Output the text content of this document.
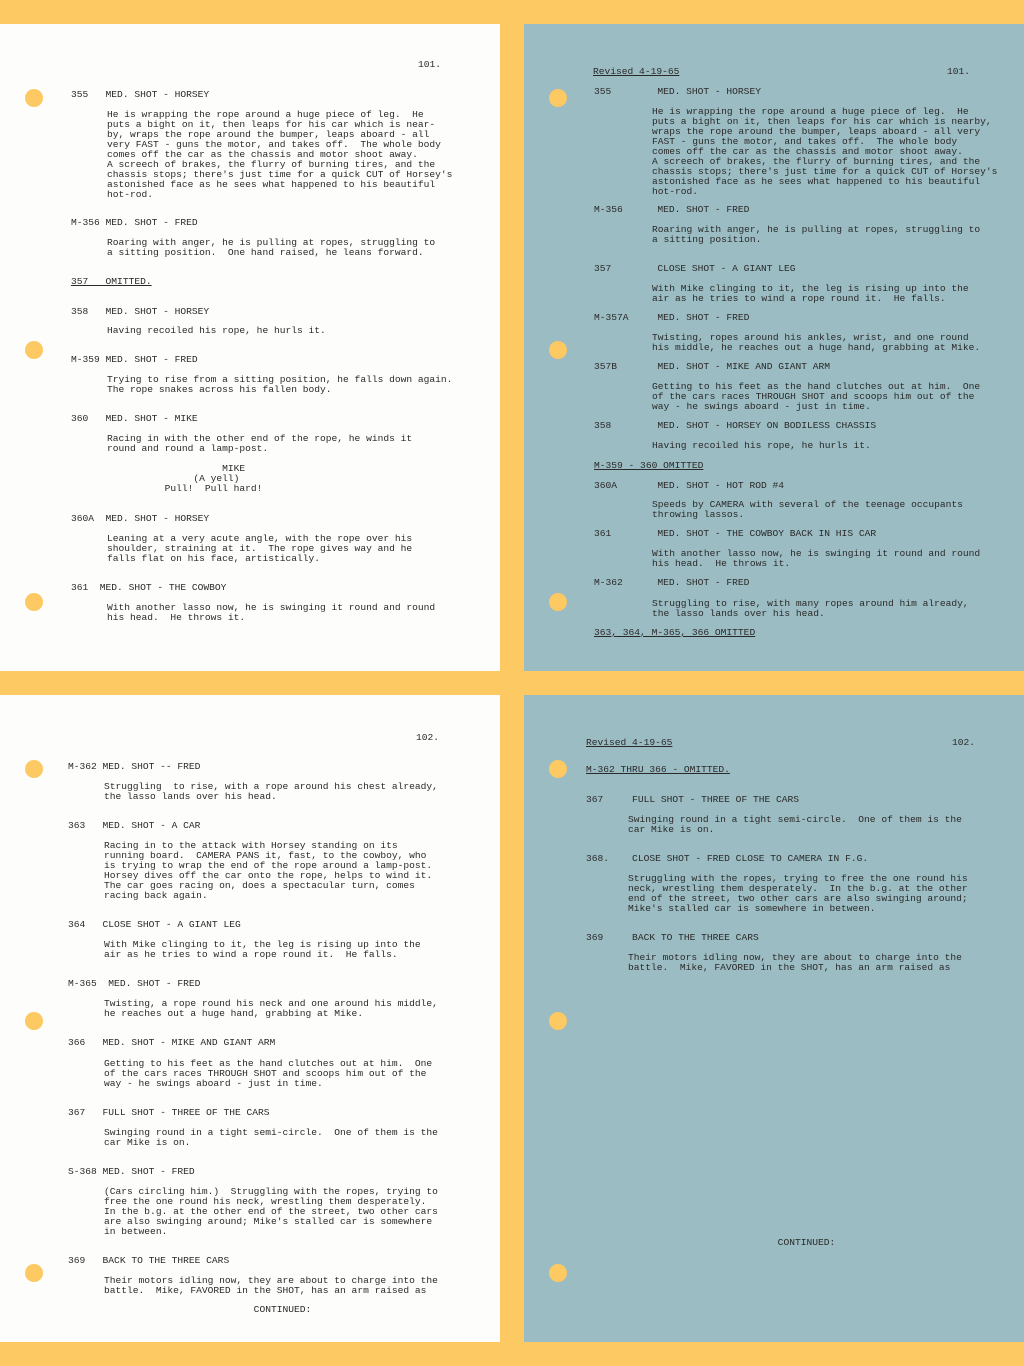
101.

355   MED. SHOT - HORSEY

He is wrapping the rope around a huge piece of leg.  He
puts a bight on it, then leaps for his car which is near-
by, wraps the rope around the bumper, leaps aboard - all
very FAST - guns the motor, and takes off.  The whole body
comes off the car as the chassis and motor shoot away.
A screech of brakes, the flurry of burning tires, and the
chassis stops; there's just time for a quick CUT of Horsey's
astonished face as he sees what happened to his beautiful
hot-rod.

M-356 MED. SHOT - FRED

Roaring with anger, he is pulling at ropes, struggling to
a sitting position.  One hand raised, he leans forward.

357   OMITTED.

358   MED. SHOT - HORSEY

Having recoiled his rope, he hurls it.

M-359 MED. SHOT - FRED

Trying to rise from a sitting position, he falls down again.
The rope snakes across his fallen body.

360   MED. SHOT - MIKE

Racing in with the other end of the rope, he winds it
round and round a lamp-post.

MIKE
(A yell)
Pull!  Pull hard!

360A  MED. SHOT - HORSEY

Leaning at a very acute angle, with the rope over his
shoulder, straining at it.  The rope gives way and he
falls flat on his face, artistically.

361  MED. SHOT - THE COWBOY

With another lasso now, he is swinging it round and round
his head.  He throws it.

Revised 4-19-65	101.

355        MED. SHOT - HORSEY

He is wrapping the rope around a huge piece of leg.  He
puts a bight on it, then leaps for his car which is nearby,
wraps the rope around the bumper, leaps aboard - all very
FAST - guns the motor, and takes off.  The whole body
comes off the car as the chassis and motor shoot away.
A screech of brakes, the flurry of burning tires, and the
chassis stops; there's just time for a quick CUT of Horsey's
astonished face as he sees what happened to his beautiful
hot-rod.

M-356      MED. SHOT - FRED

Roaring with anger, he is pulling at ropes, struggling to
a sitting position.

357        CLOSE SHOT - A GIANT LEG

With Mike clinging to it, the leg is rising up into the
air as he tries to wind a rope round it.  He falls.

M-357A     MED. SHOT - FRED

Twisting, ropes around his ankles, wrist, and one round
his middle, he reaches out a huge hand, grabbing at Mike.

357B       MED. SHOT - MIKE AND GIANT ARM

Getting to his feet as the hand clutches out at him.  One
of the cars races THROUGH SHOT and scoops him out of the
way - he swings aboard - just in time.

358        MED. SHOT - HORSEY ON BODILESS CHASSIS

Having recoiled his rope, he hurls it.

M-359 - 360 OMITTED

360A       MED. SHOT - HOT ROD #4

Speeds by CAMERA with several of the teenage occupants
throwing lassos.

361        MED. SHOT - THE COWBOY BACK IN HIS CAR

With another lasso now, he is swinging it round and round
his head.  He throws it.

M-362      MED. SHOT - FRED

Struggling to rise, with many ropes around him already,
the lasso lands over his head.

363, 364, M-365, 366 OMITTED

102.

M-362 MED. SHOT -- FRED

Struggling  to rise, with a rope around his chest already,
the lasso lands over his head.

363   MED. SHOT - A CAR

Racing in to the attack with Horsey standing on its
running board.  CAMERA PANS it, fast, to the cowboy, who
is trying to wrap the end of the rope around a lamp-post.
Horsey dives off the car onto the rope, helps to wind it.
The car goes racing on, does a spectacular turn, comes
racing back again.

364   CLOSE SHOT - A GIANT LEG

With Mike clinging to it, the leg is rising up into the
air as he tries to wind a rope round it.  He falls.

M-365  MED. SHOT - FRED

Twisting, a rope round his neck and one around his middle,
he reaches out a huge hand, grabbing at Mike.

366   MED. SHOT - MIKE AND GIANT ARM

Getting to his feet as the hand clutches out at him.  One
of the cars races THROUGH SHOT and scoops him out of the
way - he swings aboard - just in time.

367   FULL SHOT - THREE OF THE CARS

Swinging round in a tight semi-circle.  One of them is the
car Mike is on.

S-368 MED. SHOT - FRED

(Cars circling him.)  Struggling with the ropes, trying to
free the one round his neck, wrestling them desperately.
In the b.g. at the other end of the street, two other cars
are also swinging around; Mike's stalled car is somewhere
in between.

369   BACK TO THE THREE CARS

Their motors idling now, they are about to charge into the
battle.  Mike, FAVORED in the SHOT, has an arm raised as

CONTINUED:

Revised 4-19-65	102.

M-362 THRU 366 - OMITTED.

367     FULL SHOT - THREE OF THE CARS

Swinging round in a tight semi-circle.  One of them is the
car Mike is on.

368.    CLOSE SHOT - FRED CLOSE TO CAMERA IN F.G.

Struggling with the ropes, trying to free the one round his
neck, wrestling them desperately.  In the b.g. at the other
end of the street, two other cars are also swinging around;
Mike's stalled car is somewhere in between.

369     BACK TO THE THREE CARS

Their motors idling now, they are about to charge into the
battle.  Mike, FAVORED in the SHOT, has an arm raised as

CONTINUED:
